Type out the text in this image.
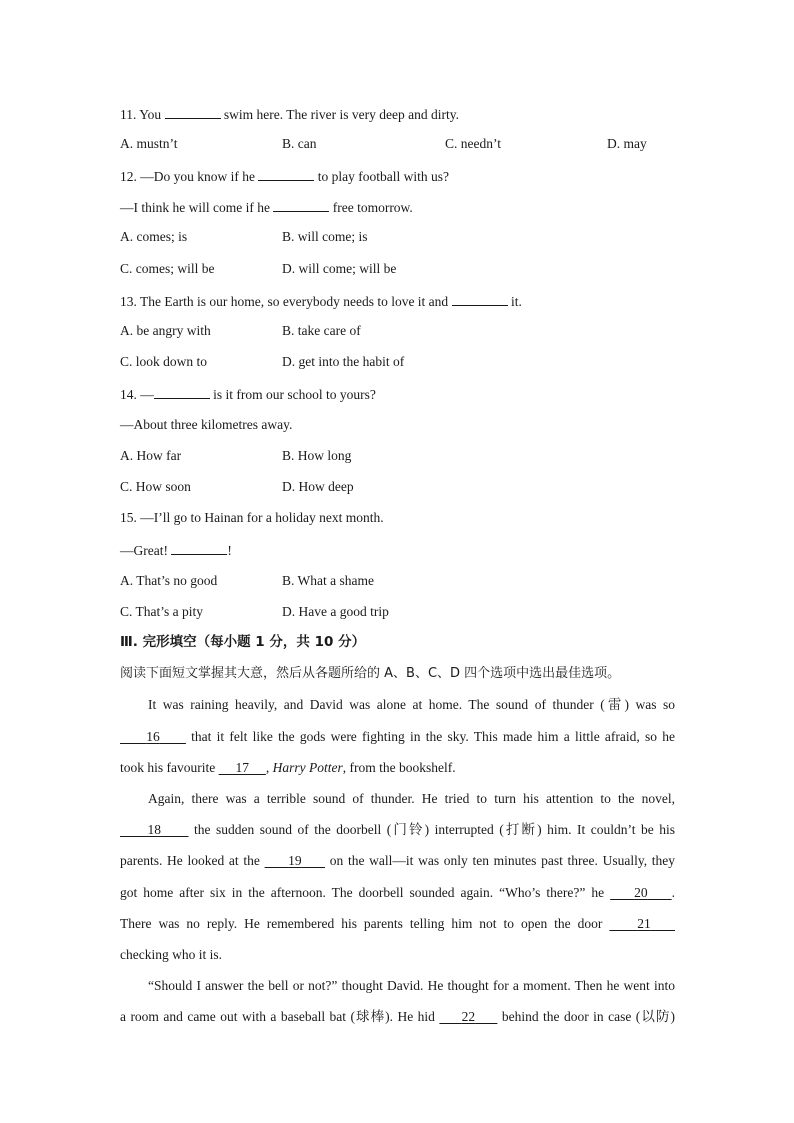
11. You	swim here. The river is very deep and dirty.
A. mustn’t	B. can	C. needn’t	D. may
12. —Do you know if he	to play football with us?
—I think he will come if he	free tomorrow.
A. comes; is	B. will come; is
C. comes; will be	D. will come; will be
13. The Earth is our home, so everybody needs to love it and	it.
A. be angry with	B. take care of
C. look down to	D. get into the habit of
14. —	is it from our school to yours?
—About three kilometres away.
A. How far	B. How long
C. How soon	D. How deep
15. —I’ll go to Hainan for a holiday next month.
—Great!	!
A. That’s no good	B. What a shame
C. That’s a pity	D. Have a good trip
Ⅲ. 完形填空（每小题 1 分，共 10 分）
阅读下面短文掌握其大意，然后从各题所给的 A、B、C、D 四个选项中选出最佳选项。
It was raining heavily, and David was alone at home. The sound of thunder (雷) was so
16 that it felt like the gods were fighting in the sky. This made him a little afraid, so he
took his favourite 17 , Harry Potter, from the bookshelf.
Again, there was a terrible sound of thunder. He tried to turn his attention to the novel,
18 the sudden sound of the doorbell (门铃) interrupted (打断) him. It couldn’t be his
parents. He looked at the 19 on the wall—it was only ten minutes past three. Usually, they
got home after six in the afternoon. The doorbell sounded again. “Who’s there?” he 20 .
There was no reply. He remembered his parents telling him not to open the door	21
checking who it is.
“Should I answer the bell or not?” thought David. He thought for a moment. Then he went into
a room and came out with a baseball bat (球棒). He hid 22 behind the door in case (以防)
